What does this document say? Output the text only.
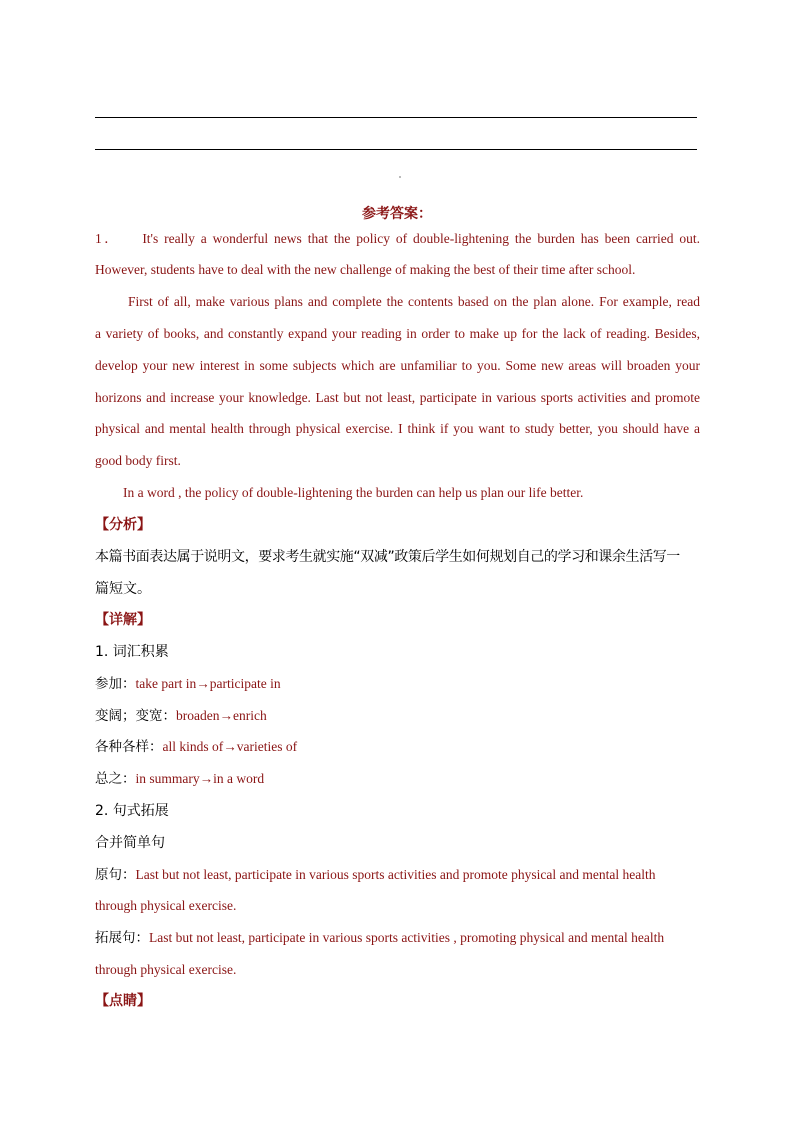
参考答案：
1． It's really a wonderful news that the policy of double-lightening the burden has been carried out.
However, students have to deal with the new challenge of making the best of their time after school.
First of all, make various plans and complete the contents based on the plan alone. For example, read
a variety of books, and constantly expand your reading in order to make up for the lack of reading. Besides,
develop your new interest in some subjects which are unfamiliar to you. Some new areas will broaden your
horizons and increase your knowledge. Last but not least, participate in various sports activities and promote
physical and mental health through physical exercise. I think if you want to study better, you should have a
good body first.
In a word , the policy of double-lightening the burden can help us plan our life better.
【分析】
本篇书面表达属于说明文，要求考生就实施“双减”政策后学生如何规划自己的学习和课余生活写一
篇短文。
【详解】
1. 词汇积累
参加：take part in→participate in
变阔；变宽：broaden→enrich
各种各样：all kinds of→varieties of
总之：in summary→in a word
2. 句式拓展
合并简单句
原句：Last but not least, participate in various sports activities and promote physical and mental health
through physical exercise.
拓展句：Last but not least, participate in various sports activities , promoting physical and mental health
through physical exercise.
【点睛】
